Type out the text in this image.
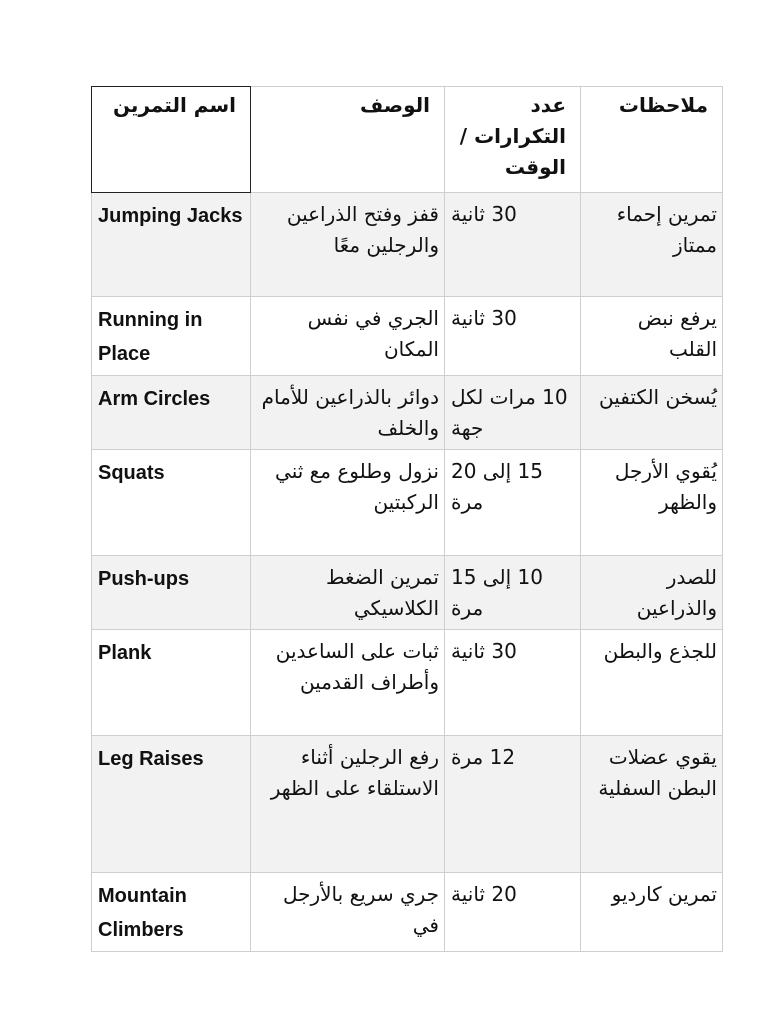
اسم التمرين	الوصف	عدد التكرارات / الوقت	ملاحظات
Jumping Jacks	قفز وفتح الذراعين والرجلين معًا	30 ثانية	تمرين إحماء ممتاز
Running in Place	الجري في نفس المكان	30 ثانية	يرفع نبض القلب
Arm Circles	دوائر بالذراعين للأمام والخلف	10 مرات لكل جهة	يُسخن الكتفين
Squats	نزول وطلوع مع ثني الركبتين	15 إلى 20 مرة	يُقوي الأرجل والظهر
Push-ups	تمرين الضغط الكلاسيكي	10 إلى 15 مرة	للصدر والذراعين
Plank	ثبات على الساعدين وأطراف القدمين	30 ثانية	للجذع والبطن
Leg Raises	رفع الرجلين أثناء الاستلقاء على الظهر	12 مرة	يقوي عضلات البطن السفلية
Mountain Climbers	جري سريع بالأرجل في	20 ثانية	تمرين كارديو
